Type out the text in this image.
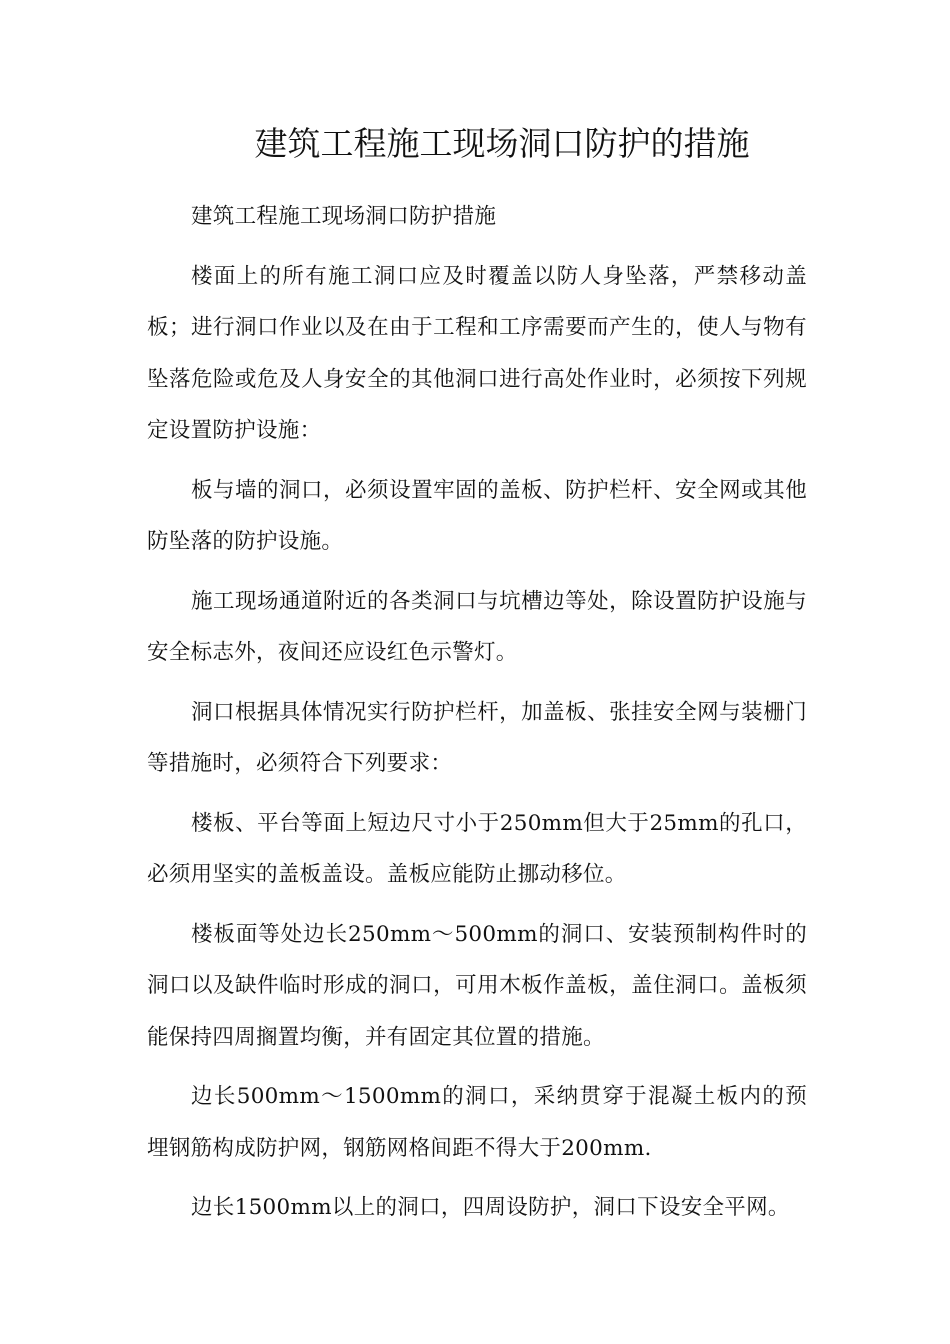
建筑工程施工现场洞口防护的措施

建筑工程施工现场洞口防护措施

楼面上的所有施工洞口应及时覆盖以防人身坠落，严禁移动盖板；进行洞口作业以及在由于工程和工序需要而产生的，使人与物有坠落危险或危及人身安全的其他洞口进行高处作业时，必须按下列规定设置防护设施：

板与墙的洞口，必须设置牢固的盖板、防护栏杆、安全网或其他防坠落的防护设施。

施工现场通道附近的各类洞口与坑槽边等处，除设置防护设施与安全标志外，夜间还应设红色示警灯。

洞口根据具体情况实行防护栏杆，加盖板、张挂安全网与装栅门等措施时，必须符合下列要求：

楼板、平台等面上短边尺寸小于250mm但大于25mm的孔口，必须用坚实的盖板盖设。盖板应能防止挪动移位。

楼板面等处边长250mm～500mm的洞口、安装预制构件时的洞口以及缺件临时形成的洞口，可用木板作盖板，盖住洞口。盖板须能保持四周搁置均衡，并有固定其位置的措施。

边长500mm～1500mm的洞口，采纳贯穿于混凝土板内的预埋钢筋构成防护网，钢筋网格间距不得大于200mm.

边长1500mm以上的洞口，四周设防护，洞口下设安全平网。
